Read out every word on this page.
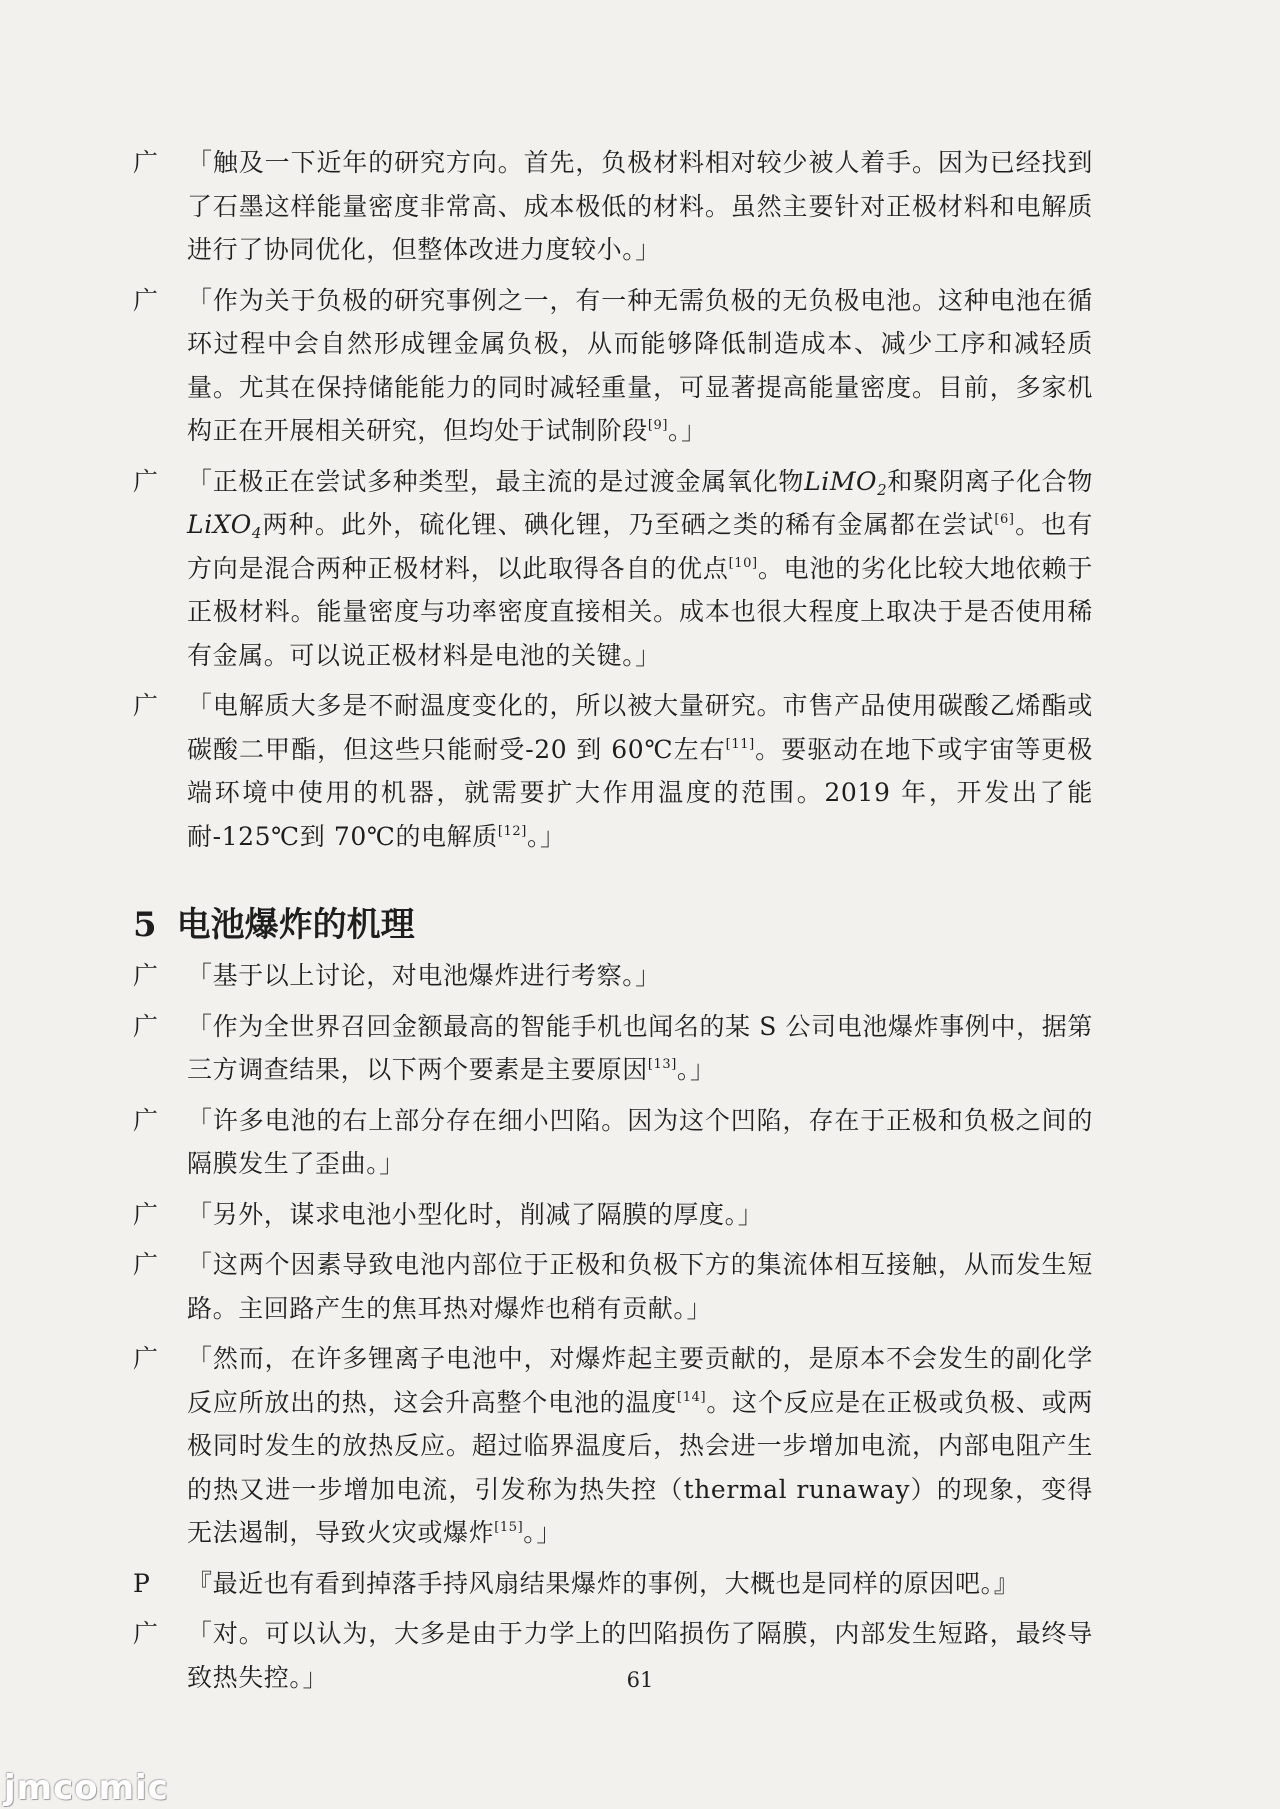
广	「触及一下近年的研究方向。首先，负极材料相对较少被人着手。因为已经找到了石墨这样能量密度非常高、成本极低的材料。虽然主要针对正极材料和电解质进行了协同优化，但整体改进力度较小。」
广	「作为关于负极的研究事例之一，有一种无需负极的无负极电池。这种电池在循环过程中会自然形成锂金属负极，从而能够降低制造成本、减少工序和减轻质量。尤其在保持储能能力的同时减轻重量，可显著提高能量密度。目前，多家机构正在开展相关研究，但均处于试制阶段[9]。」
广	「正极正在尝试多种类型，最主流的是过渡金属氧化物LiMO$_2$和聚阴离子化合物LiXO$_4$两种。此外，硫化锂、碘化锂，乃至硒之类的稀有金属都在尝试[6]。也有方向是混合两种正极材料，以此取得各自的优点[10]。电池的劣化比较大地依赖于正极材料。能量密度与功率密度直接相关。成本也很大程度上取决于是否使用稀有金属。可以说正极材料是电池的关键。」
广	「电解质大多是不耐温度变化的，所以被大量研究。市售产品使用碳酸乙烯酯或碳酸二甲酯，但这些只能耐受-20 到 60℃左右[11]。要驱动在地下或宇宙等更极端环境中使用的机器，就需要扩大作用温度的范围。2019 年，开发出了能耐-125℃到 70℃的电解质[12]。」
5 电池爆炸的机理
广	「基于以上讨论，对电池爆炸进行考察。」
广	「作为全世界召回金额最高的智能手机也闻名的某 S 公司电池爆炸事例中，据第三方调查结果，以下两个要素是主要原因[13]。」
广	「许多电池的右上部分存在细小凹陷。因为这个凹陷，存在于正极和负极之间的隔膜发生了歪曲。」
广	「另外，谋求电池小型化时，削减了隔膜的厚度。」
广	「这两个因素导致电池内部位于正极和负极下方的集流体相互接触，从而发生短路。主回路产生的焦耳热对爆炸也稍有贡献。」
广	「然而，在许多锂离子电池中，对爆炸起主要贡献的，是原本不会发生的副化学反应所放出的热，这会升高整个电池的温度[14]。这个反应是在正极或负极、或两极同时发生的放热反应。超过临界温度后，热会进一步增加电流，内部电阻产生的热又进一步增加电流，引发称为热失控（thermal runaway）的现象，变得无法遏制，导致火灾或爆炸[15]。」
P	『最近也有看到掉落手持风扇结果爆炸的事例，大概也是同样的原因吧。』
广	「对。可以认为，大多是由于力学上的凹陷损伤了隔膜，内部发生短路，最终导致热失控。」	61
jmcomic
